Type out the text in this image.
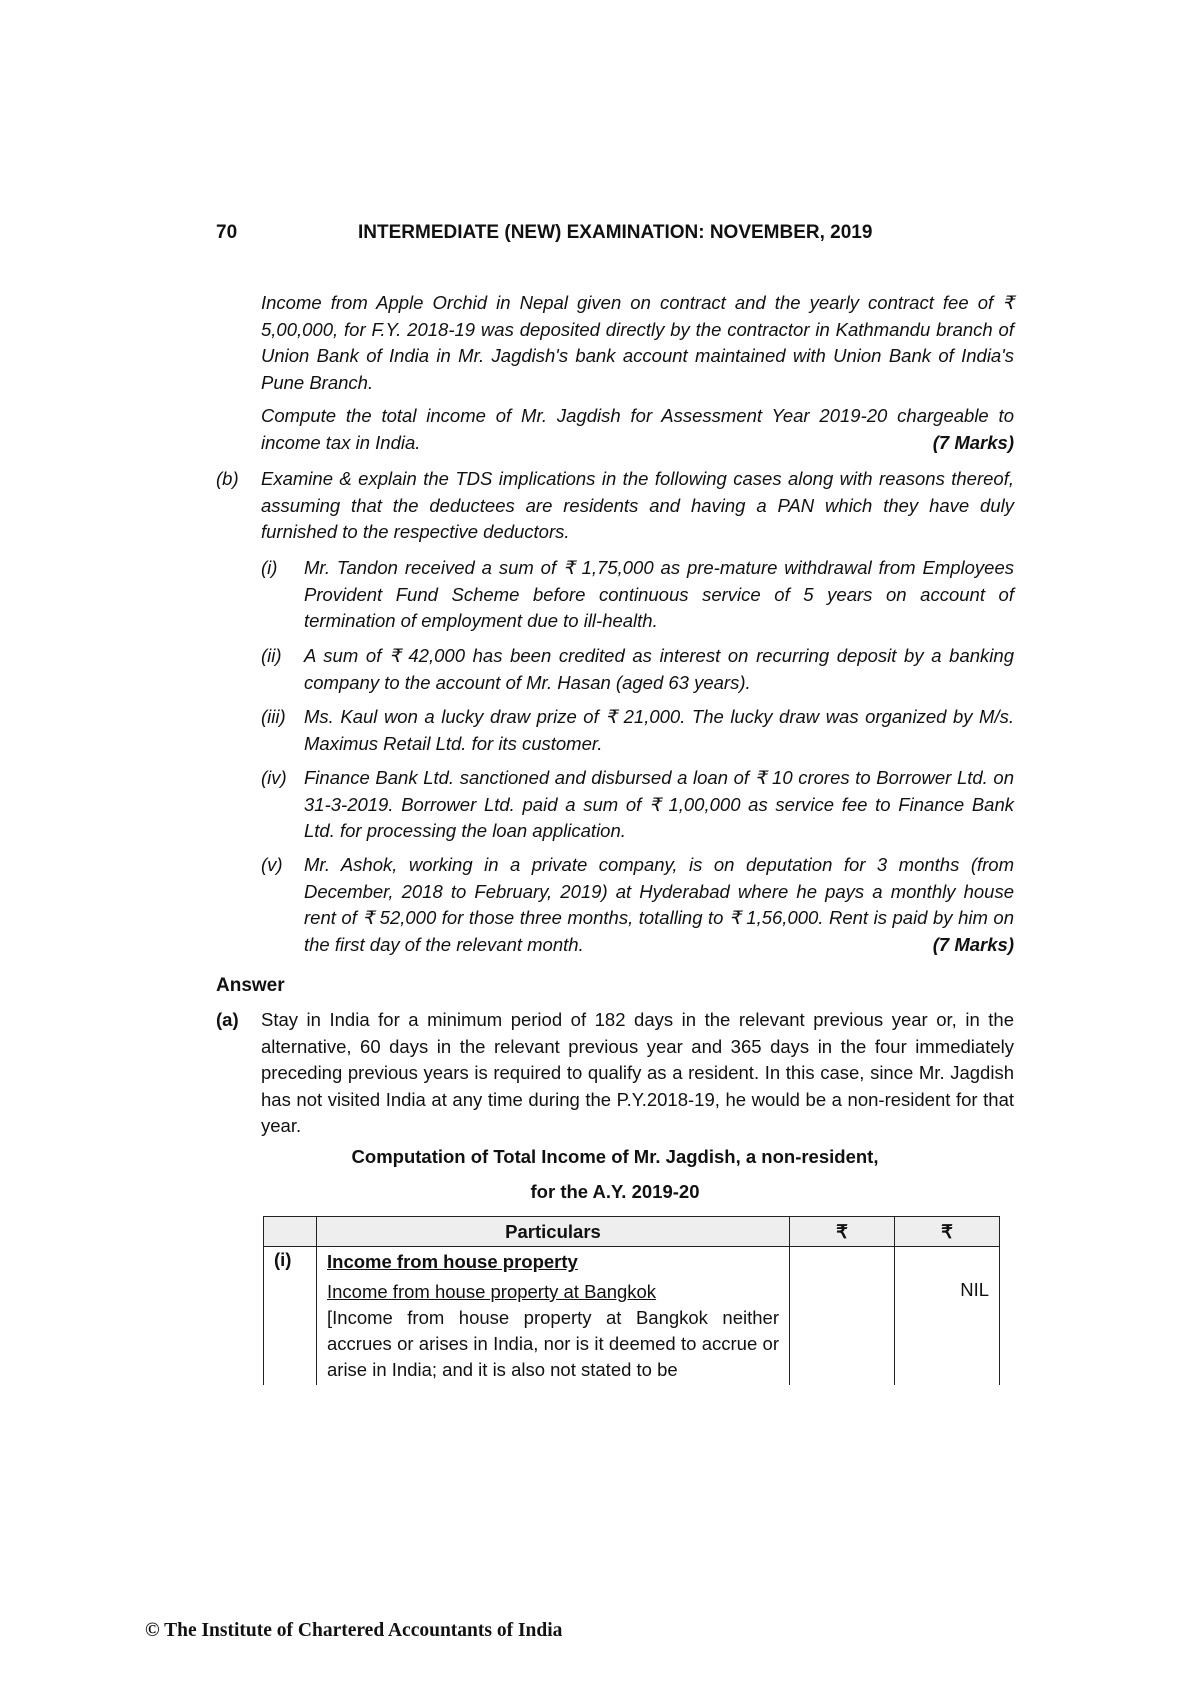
70	INTERMEDIATE (NEW) EXAMINATION: NOVEMBER, 2019
Income from Apple Orchid in Nepal given on contract and the yearly contract fee of ₹ 5,00,000, for F.Y. 2018-19 was deposited directly by the contractor in Kathmandu branch of Union Bank of India in Mr. Jagdish's bank account maintained with Union Bank of India's Pune Branch.
Compute the total income of Mr. Jagdish for Assessment Year 2019-20 chargeable to income tax in India.	(7 Marks)
(b) Examine & explain the TDS implications in the following cases along with reasons thereof, assuming that the deductees are residents and having a PAN which they have duly furnished to the respective deductors.
(i) Mr. Tandon received a sum of ₹ 1,75,000 as pre-mature withdrawal from Employees Provident Fund Scheme before continuous service of 5 years on account of termination of employment due to ill-health.
(ii) A sum of ₹ 42,000 has been credited as interest on recurring deposit by a banking company to the account of Mr. Hasan (aged 63 years).
(iii) Ms. Kaul won a lucky draw prize of ₹ 21,000. The lucky draw was organized by M/s. Maximus Retail Ltd. for its customer.
(iv) Finance Bank Ltd. sanctioned and disbursed a loan of ₹ 10 crores to Borrower Ltd. on 31-3-2019. Borrower Ltd. paid a sum of ₹ 1,00,000 as service fee to Finance Bank Ltd. for processing the loan application.
(v) Mr. Ashok, working in a private company, is on deputation for 3 months (from December, 2018 to February, 2019) at Hyderabad where he pays a monthly house rent of ₹ 52,000 for those three months, totalling to ₹ 1,56,000. Rent is paid by him on the first day of the relevant month.	(7 Marks)
Answer
(a) Stay in India for a minimum period of 182 days in the relevant previous year or, in the alternative, 60 days in the relevant previous year and 365 days in the four immediately preceding previous years is required to qualify as a resident. In this case, since Mr. Jagdish has not visited India at any time during the P.Y.2018-19, he would be a non-resident for that year.
Computation of Total Income of Mr. Jagdish, a non-resident,
for the A.Y. 2019-20
	Particulars	₹	₹
(i)	Income from house property
Income from house property at Bangkok
[Income from house property at Bangkok neither accrues or arises in India, nor is it deemed to accrue or arise in India; and it is also not stated to be		NIL
© The Institute of Chartered Accountants of India
